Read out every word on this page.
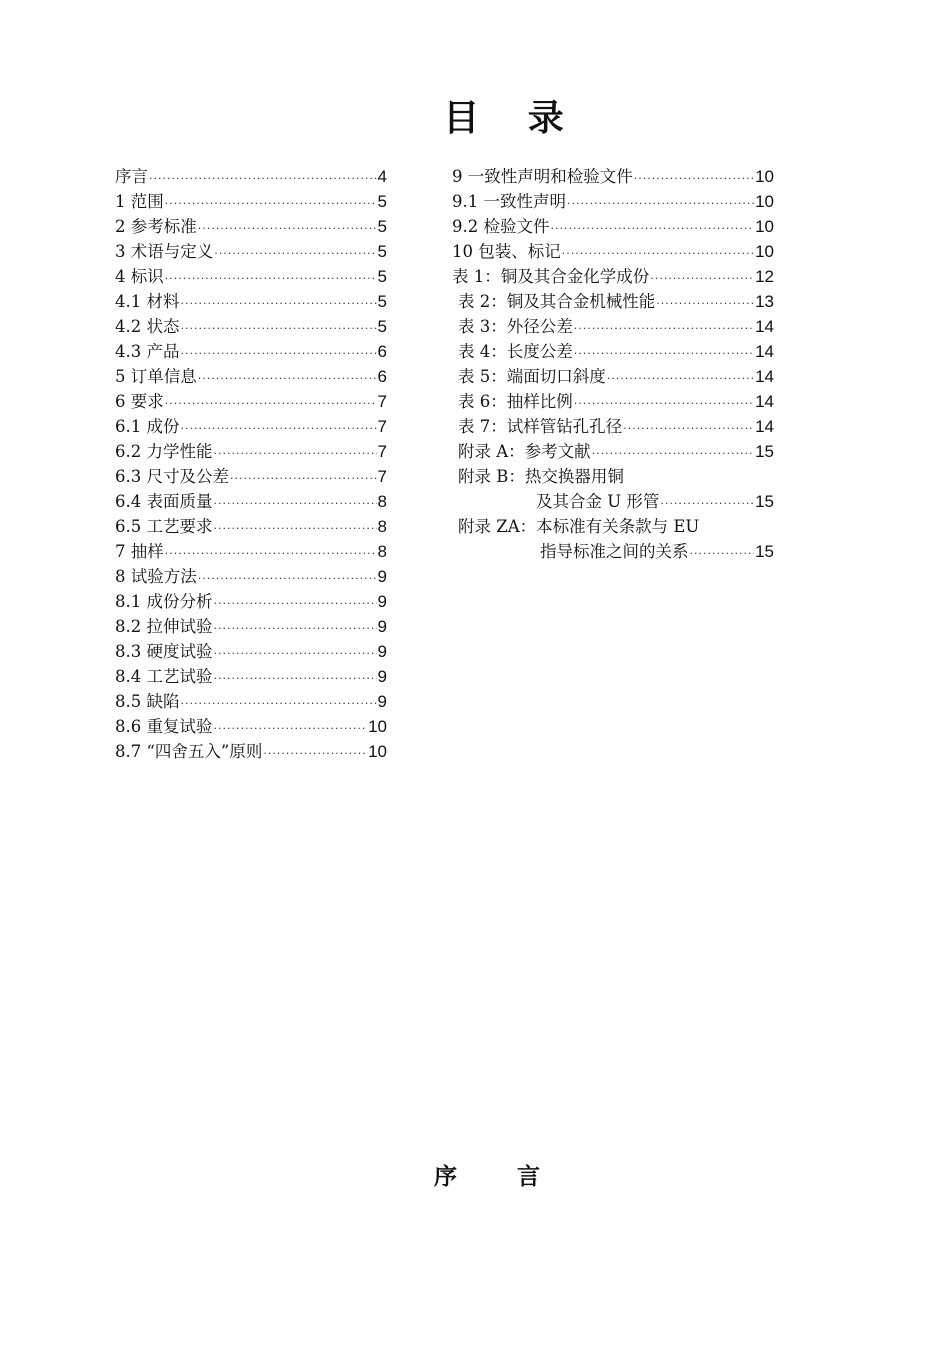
目 录
序言 ·····	4
1 范围 ·····	5
2 参考标准 ·····	5
3 术语与定义 ·····	5
4 标识 ·····	5
4.1 材料 ·····	5
4.2 状态 ·····	5
4.3 产品 ·····	6
5 订单信息 ·····	6
6 要求 ·····	7
6.1 成份 ·····	7
6.2 力学性能 ·····	7
6.3 尺寸及公差 ·····	7
6.4 表面质量 ·····	8
6.5 工艺要求 ·····	8
7 抽样 ·····	8
8 试验方法 ·····	9
8.1 成份分析 ·····	9
8.2 拉伸试验 ·····	9
8.3 硬度试验 ·····	9
8.4 工艺试验 ·····	9
8.5 缺陷 ·····	9
8.6 重复试验 ·····	10
8.7 “四舍五入”原则 ·····	10
9 一致性声明和检验文件 ·····	10
9.1 一致性声明 ·····	10
9.2 检验文件 ·····	10
10 包装、标记 ·····	10
表 1：铜及其合金化学成份 ·····	12
表 2：铜及其合金机械性能 ·····	13
表 3：外径公差 ·····	14
表 4：长度公差 ·····	14
表 5：端面切口斜度 ·····	14
表 6：抽样比例 ·····	14
表 7：试样管钻孔孔径 ·····	14
附录 A：参考文献 ·····	15
附录 B：热交换器用铜
及其合金 U 形管 ·····	15
附录 ZA：本标准有关条款与 EU
指导标准之间的关系 ·····	15
序 言
